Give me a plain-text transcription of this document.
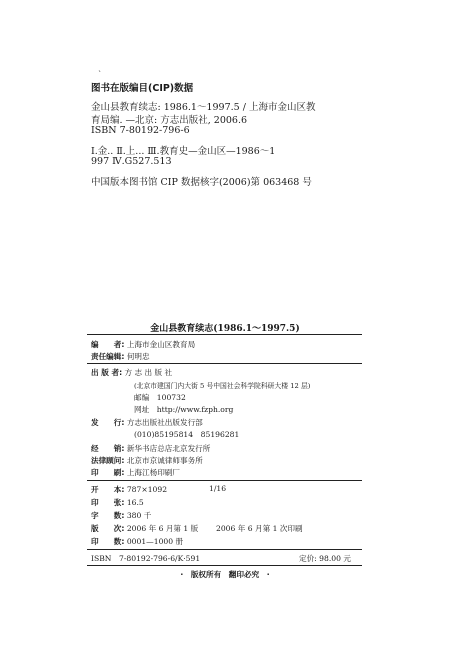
`
图书在版编目(CIP)数据
金山县教育续志: 1986.1～1997.5 / 上海市金山区教
育局编. —北京: 方志出版社, 2006.6
ISBN 7-80192-796-6
Ⅰ.金.. Ⅱ.上... Ⅲ.教育史—金山区—1986～1
997 Ⅳ.G527.513
中国版本图书馆 CIP 数据核字(2006)第 063468 号
金山县教育续志(1986.1～1997.5)
编　　者: 上海市金山区教育局
责任编辑: 何明忠
出 版 者: 方 志 出 版 社
(北京市建国门内大街 5 号中国社会科学院科研大楼 12 层)
邮编　100732
网址　http://www.fzph.org
发　　行: 方志出版社出版发行部
(010)85195814　85196281
经　　销: 新华书店总店北京发行所
法律顾问: 北京市京诚律师事务所
印　　刷: 上海江杨印刷厂
开　　本: 787×1092	1/16
印　　张: 16.5
字　　数: 380 千
版　　次: 2006 年 6 月第 1 版 2006 年 6 月第 1 次印刷
印　　数: 0001—1000 册
ISBN　7-80192-796-6/K·591	定价: 98.00 元
·　版权所有　翻印必究　·
